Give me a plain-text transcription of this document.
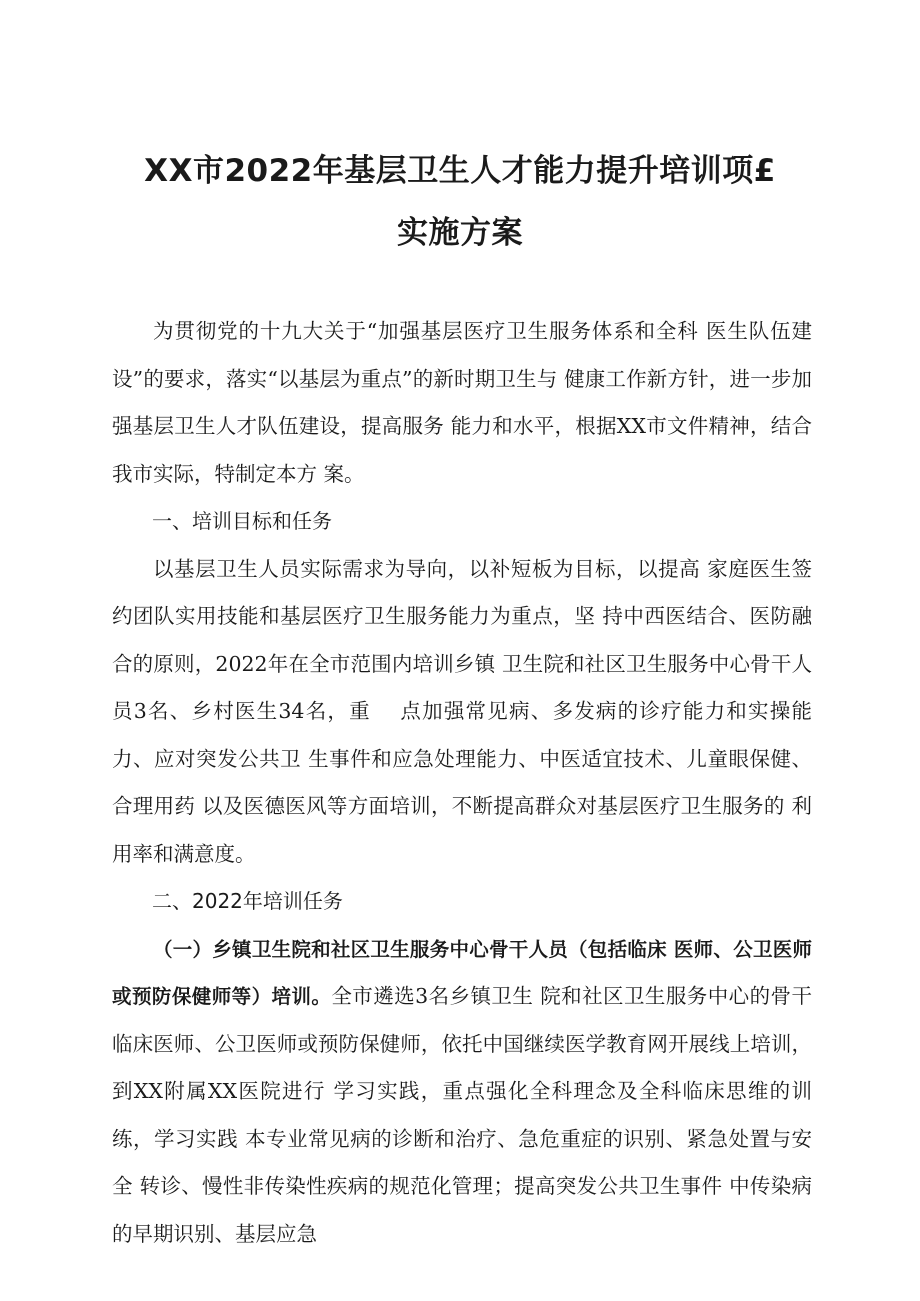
XX市2022年基层卫生人才能力提升培训项£
实施方案

为贯彻党的十九大关于“加强基层医疗卫生服务体系和全科 医生队伍建设”的要求，落实“以基层为重点”的新时期卫生与 健康工作新方针，进一步加强基层卫生人才队伍建设，提高服务 能力和水平，根据XX市文件精神，结合我市实际，特制定本方 案。

一、培训目标和任务

以基层卫生人员实际需求为导向，以补短板为目标，以提高 家庭医生签约团队实用技能和基层医疗卫生服务能力为重点，坚 持中西医结合、医防融合的原则，2022年在全市范围内培训乡镇 卫生院和社区卫生服务中心骨干人员3名、乡村医生34名，重　 点加强常见病、多发病的诊疗能力和实操能力、应对突发公共卫 生事件和应急处理能力、中医适宜技术、儿童眼保健、合理用药 以及医德医风等方面培训，不断提高群众对基层医疗卫生服务的 利用率和满意度。

二、2022年培训任务

（一）乡镇卫生院和社区卫生服务中心骨干人员（包括临床 医师、公卫医师或预防保健师等）培训。全市遴选3名乡镇卫生 院和社区卫生服务中心的骨干临床医师、公卫医师或预防保健师，依托中国继续医学教育网开展线上培训，到XX附属XX医院进行 学习实践，重点强化全科理念及全科临床思维的训练，学习实践 本专业常见病的诊断和治疗、急危重症的识别、紧急处置与安全 转诊、慢性非传染性疾病的规范化管理；提高突发公共卫生事件 中传染病的早期识别、基层应急
